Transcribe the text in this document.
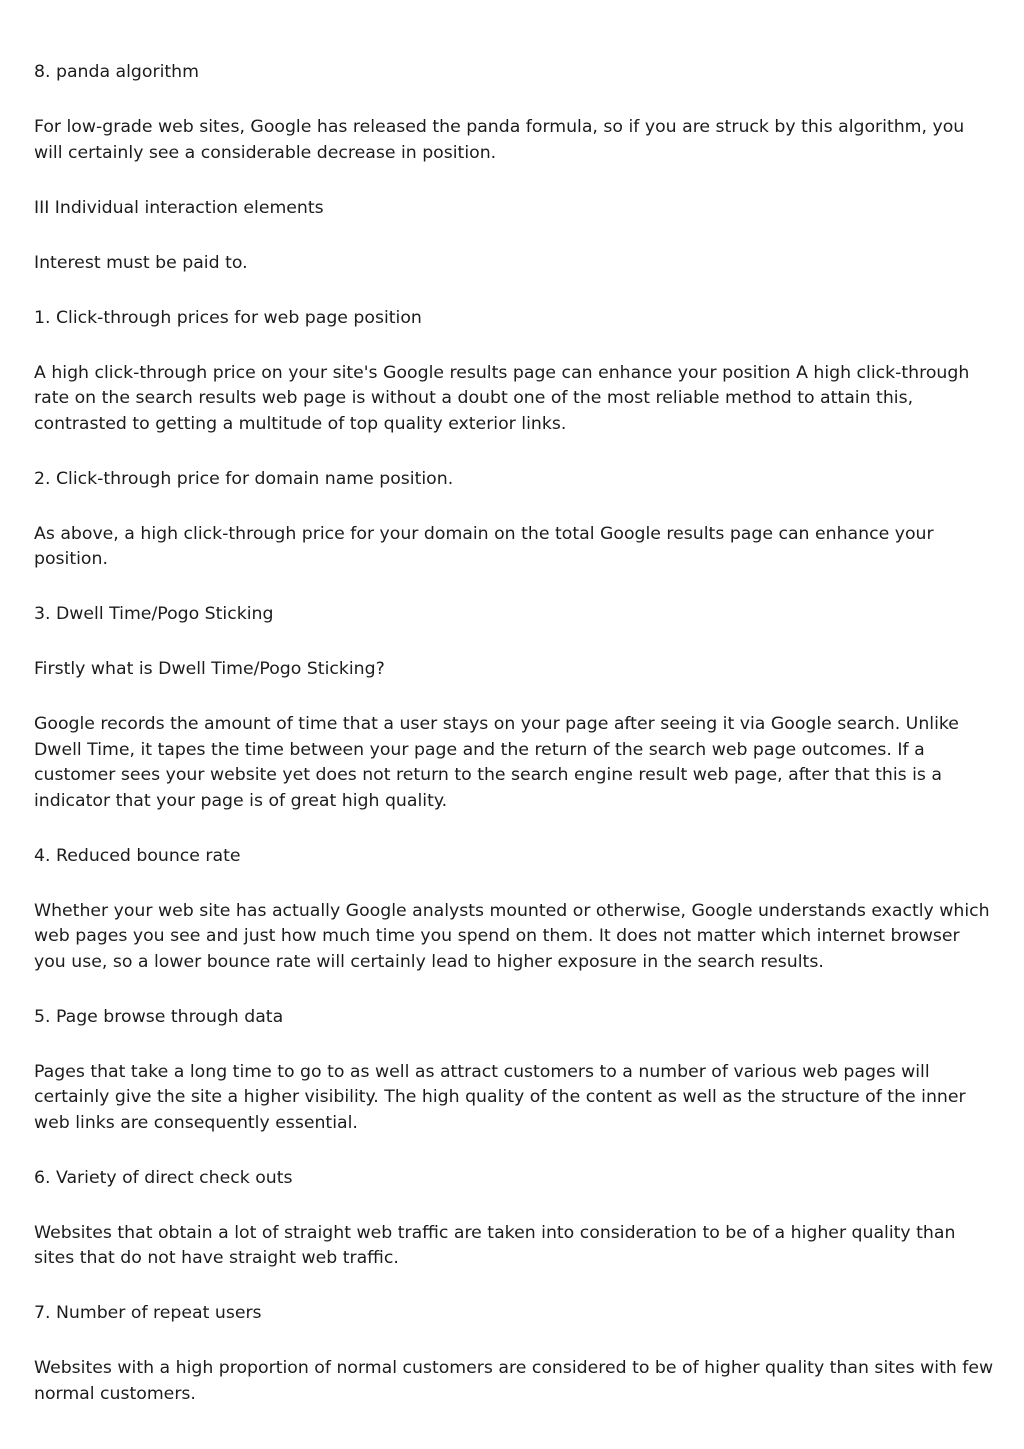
8. panda algorithm

For low-grade web sites, Google has released the panda formula, so if you are struck by this algorithm, you will certainly see a considerable decrease in position.

III Individual interaction elements

Interest must be paid to.

1. Click-through prices for web page position

A high click-through price on your site's Google results page can enhance your position A high click-through rate on the search results web page is without a doubt one of the most reliable method to attain this, contrasted to getting a multitude of top quality exterior links.

2. Click-through price for domain name position.

As above, a high click-through price for your domain on the total Google results page can enhance your position.

3. Dwell Time/Pogo Sticking

Firstly what is Dwell Time/Pogo Sticking?

Google records the amount of time that a user stays on your page after seeing it via Google search. Unlike Dwell Time, it tapes the time between your page and the return of the search web page outcomes. If a customer sees your website yet does not return to the search engine result web page, after that this is a indicator that your page is of great high quality.

4. Reduced bounce rate

Whether your web site has actually Google analysts mounted or otherwise, Google understands exactly which web pages you see and just how much time you spend on them. It does not matter which internet browser you use, so a lower bounce rate will certainly lead to higher exposure in the search results.

5. Page browse through data

Pages that take a long time to go to as well as attract customers to a number of various web pages will certainly give the site a higher visibility. The high quality of the content as well as the structure of the inner web links are consequently essential.

6. Variety of direct check outs

Websites that obtain a lot of straight web traffic are taken into consideration to be of a higher quality than sites that do not have straight web traffic.

7. Number of repeat users

Websites with a high proportion of normal customers are considered to be of higher quality than sites with few normal customers.
